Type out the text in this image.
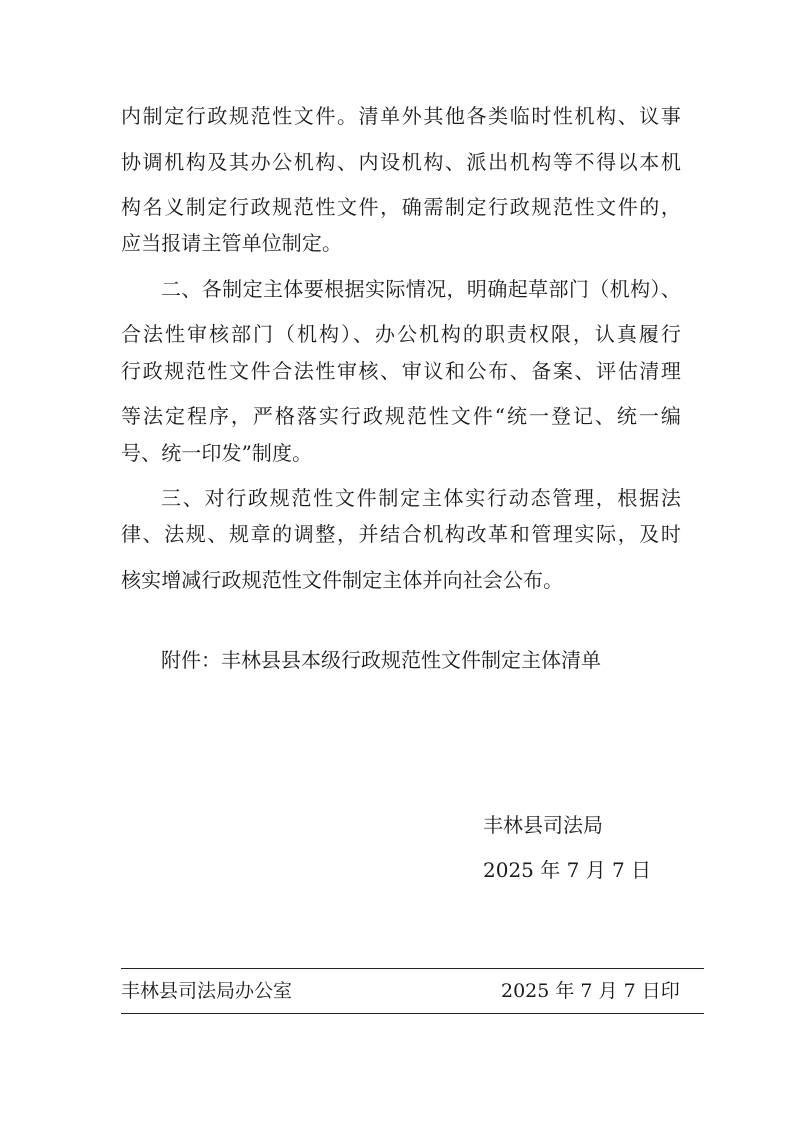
内制定行政规范性文件。清单外其他各类临时性机构、议事
协调机构及其办公机构、内设机构、派出机构等不得以本机
构名义制定行政规范性文件，确需制定行政规范性文件的，
应当报请主管单位制定。
二、各制定主体要根据实际情况，明确起草部门（机构）、
合法性审核部门（机构）、办公机构的职责权限，认真履行
行政规范性文件合法性审核、审议和公布、备案、评估清理
等法定程序，严格落实行政规范性文件“统一登记、统一编
号、统一印发”制度。
三、对行政规范性文件制定主体实行动态管理，根据法
律、法规、规章的调整，并结合机构改革和管理实际，及时
核实增减行政规范性文件制定主体并向社会公布。
附件：丰林县县本级行政规范性文件制定主体清单
丰林县司法局
2025 年 7 月 7 日
丰林县司法局办公室	2025 年 7 月 7 日印
